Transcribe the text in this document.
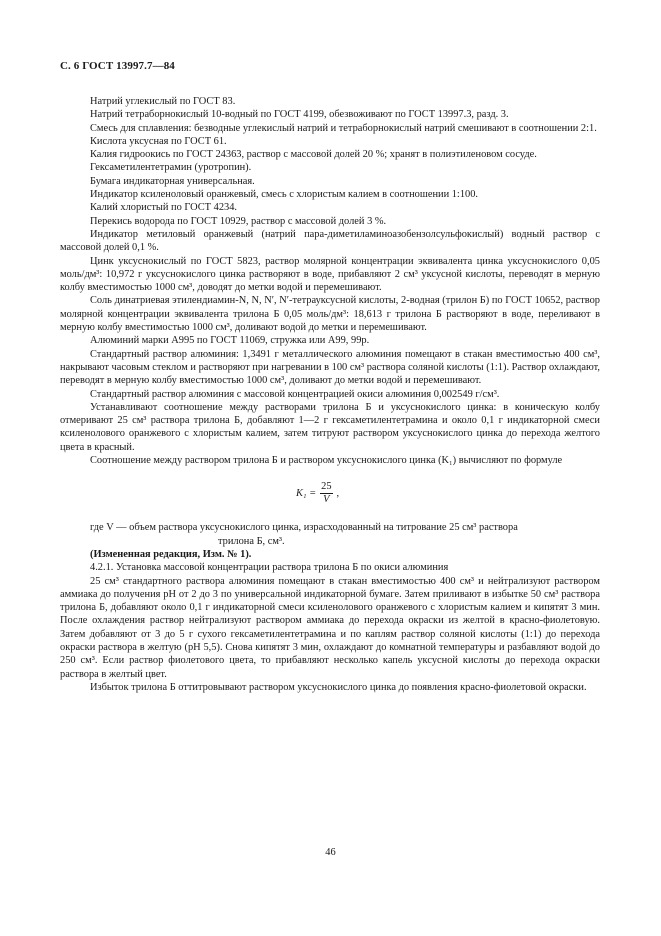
С. 6 ГОСТ 13997.7—84

Натрий углекислый по ГОСТ 83.

Натрий тетраборнокислый 10-водный по ГОСТ 4199, обезвоживают по ГОСТ 13997.3, разд. 3.

Смесь для сплавления: безводные углекислый натрий и тетраборнокислый натрий смешивают в соотношении 2:1.

Кислота уксусная по ГОСТ 61.

Калия гидроокись по ГОСТ 24363, раствор с массовой долей 20 %; хранят в полиэтиленовом сосуде.

Гексаметилентетрамин (уротропин).

Бумага индикаторная универсальная.

Индикатор ксиленоловый оранжевый, смесь с хлористым калием в соотношении 1:100.

Калий хлористый по ГОСТ 4234.

Перекись водорода по ГОСТ 10929, раствор с массовой долей 3 %.

Индикатор метиловый оранжевый (натрий пара-диметиламиноазобензолсульфокислый) водный раствор с массовой долей 0,1 %.

Цинк уксуснокислый по ГОСТ 5823, раствор молярной концентрации эквивалента цинка уксуснокислого 0,05 моль/дм³: 10,972 г уксуснокислого цинка растворяют в воде, прибавляют 2 см³ уксусной кислоты, переводят в мерную колбу вместимостью 1000 см³, доводят до метки водой и перемешивают.

Соль динатриевая этилендиамин-N, N, N′, N′-тетрауксусной кислоты, 2-водная (трилон Б) по ГОСТ 10652, раствор молярной концентрации эквивалента трилона Б 0,05 моль/дм³: 18,613 г трилона Б растворяют в воде, переливают в мерную колбу вместимостью 1000 см³, доливают водой до метки и перемешивают.

Алюминий марки А995 по ГОСТ 11069, стружка или А99, 99р.

Стандартный раствор алюминия: 1,3491 г металлического алюминия помещают в стакан вместимостью 400 см³, накрывают часовым стеклом и растворяют при нагревании в 100 см³ раствора соляной кислоты (1:1). Раствор охлаждают, переводят в мерную колбу вместимостью 1000 см³, доливают до метки водой и перемешивают.

Стандартный раствор алюминия с массовой концентрацией окиси алюминия 0,002549 г/см³.

Устанавливают соотношение между растворами трилона Б и уксуснокислого цинка: в коническую колбу отмеривают 25 см³ раствора трилона Б, добавляют 1—2 г гексаметилентетрамина и около 0,1 г индикаторной смеси ксиленолового оранжевого с хлористым калием, затем титруют раствором уксуснокислого цинка до перехода желтого цвета в красный.

Соотношение между раствором трилона Б и раствором уксуснокислого цинка (K₁) вычисляют по формуле

$K_1 = \frac{25}{V}$ ,

где V — объем раствора уксуснокислого цинка, израсходованный на титрование 25 см³ раствора

трилона Б, см³.

(Измененная редакция, Изм. № 1).

4.2.1. Установка массовой концентрации раствора трилона Б по окиси алюминия

25 см³ стандартного раствора алюминия помещают в стакан вместимостью 400 см³ и нейтрализуют раствором аммиака до получения pH от 2 до 3 по универсальной индикаторной бумаге. Затем приливают в избытке 50 см³ раствора трилона Б, добавляют около 0,1 г индикаторной смеси ксиленолового оранжевого с хлористым калием и кипятят 3 мин. После охлаждения раствор нейтрализуют раствором аммиака до перехода окраски из желтой в красно-фиолетовую. Затем добавляют от 3 до 5 г сухого гексаметилентетрамина и по каплям раствор соляной кислоты (1:1) до перехода окраски раствора в желтую (pH 5,5). Снова кипятят 3 мин, охлаждают до комнатной температуры и разбавляют водой до 250 см³. Если раствор фиолетового цвета, то прибавляют несколько капель уксусной кислоты до перехода окраски раствора в желтый цвет.

Избыток трилона Б оттитровывают раствором уксуснокислого цинка до появления красно-фиолетовой окраски.

46
